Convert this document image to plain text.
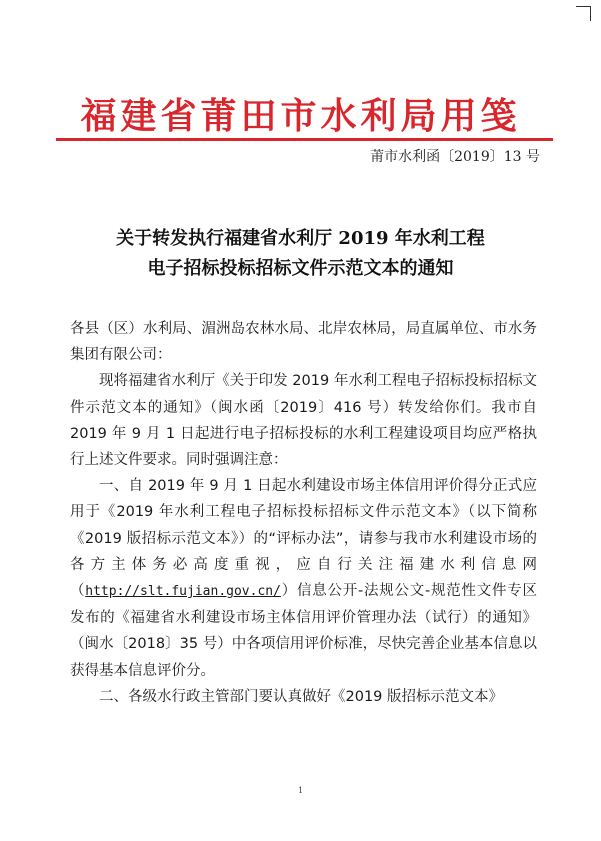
福建省莆田市水利局用笺
莆市水利函〔2019〕13 号
关于转发执行福建省水利厅 2019 年水利工程
电子招标投标招标文件示范文本的通知

各县（区）水利局、湄洲岛农林水局、北岸农林局，局直属单位、市水务集团有限公司：

现将福建省水利厅《关于印发 2019 年水利工程电子招标投标招标文件示范文本的通知》（闽水函〔2019〕416 号）转发给你们。我市自 2019 年 9 月 1 日起进行电子招标投标的水利工程建设项目均应严格执行上述文件要求。同时强调注意：

一、自 2019 年 9 月 1 日起水利建设市场主体信用评价得分正式应用于《2019 年水利工程电子招标投标招标文件示范文本》（以下简称《2019 版招标示范文本》）的“评标办法”，请参与我市水利建设市场的各方主体务必高度重视，应自行关注福建水利信息网（http://slt.fujian.gov.cn/）信息公开-法规公文-规范性文件专区发布的《福建省水利建设市场主体信用评价管理办法（试行）的通知》（闽水〔2018〕35 号）中各项信用评价标准，尽快完善企业基本信息以获得基本信息评价分。

二、各级水行政主管部门要认真做好《2019 版招标示范文本》

1
